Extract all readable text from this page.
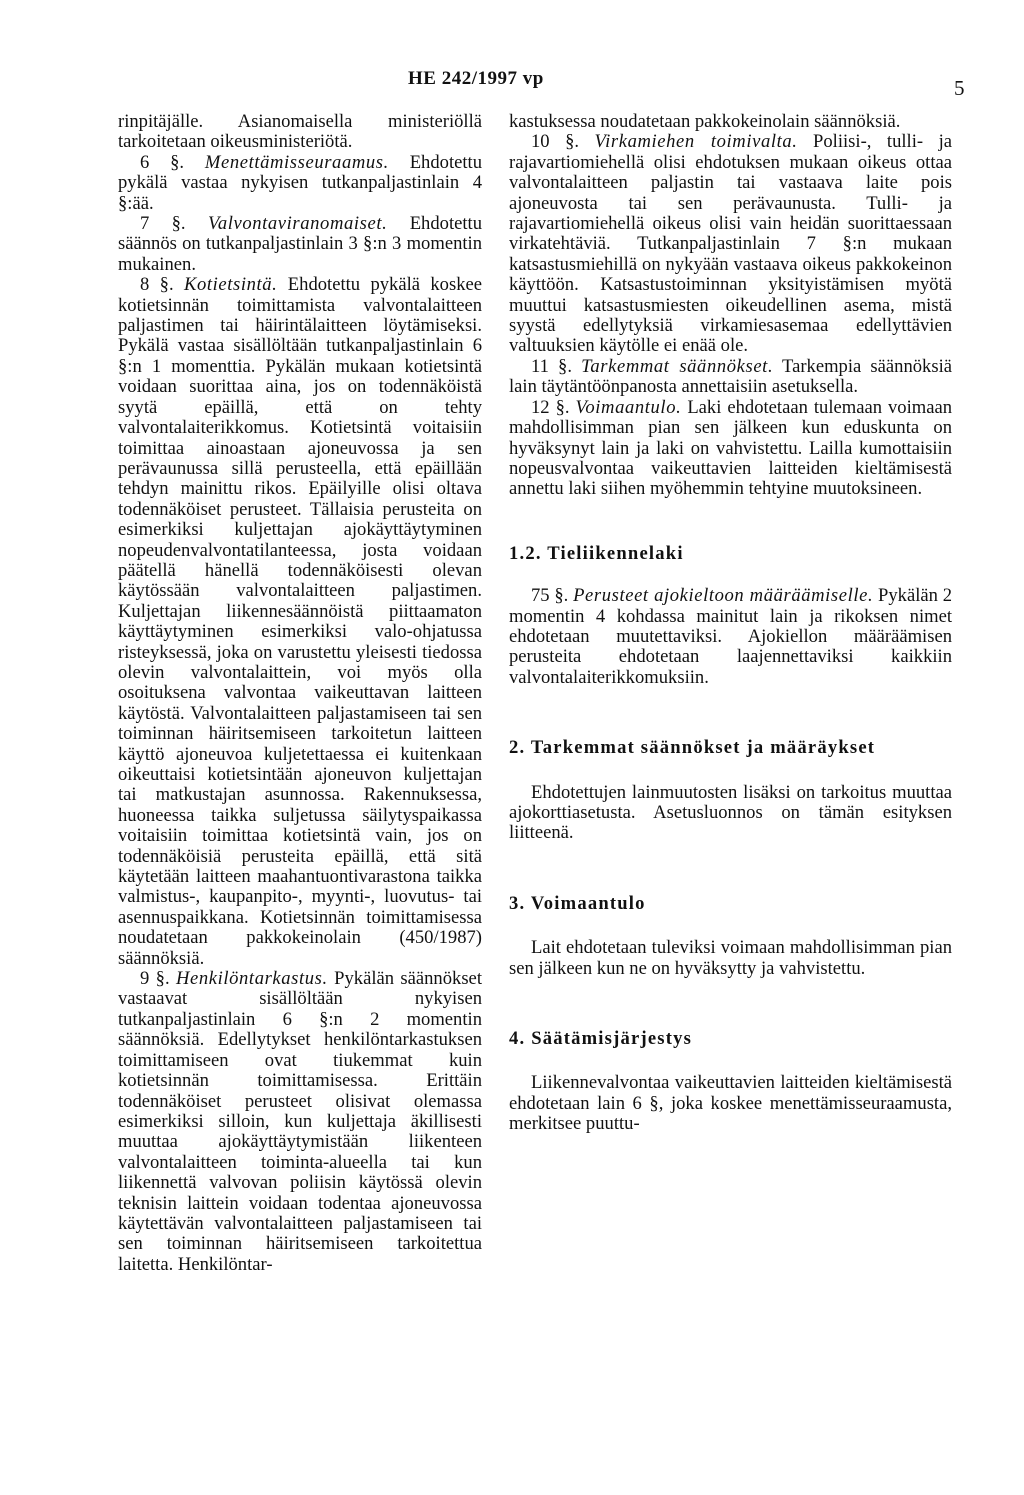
HE 242/1997 vp	5

rinpitäjälle. Asianomaisella ministeriöllä tarkoitetaan oikeusministeriötä.

6 §. Menettämisseuraamus. Ehdotettu pykälä vastaa nykyisen tutkanpaljastinlain 4 §:ää.

7 §. Valvontaviranomaiset. Ehdotettu säännös on tutkanpaljastinlain 3 §:n 3 momentin mukainen.

8 §. Kotietsintä. Ehdotettu pykälä koskee kotietsinnän toimittamista valvontalaitteen paljastimen tai häirintälaitteen löytämiseksi. Pykälä vastaa sisällöltään tutkanpaljastinlain 6 §:n 1 momenttia. Pykälän mukaan kotietsintä voidaan suorittaa aina, jos on todennäköistä syytä epäillä, että on tehty valvontalaiterikkomus. Kotietsintä voitaisiin toimittaa ainoastaan ajoneuvossa ja sen perävaunussa sillä perusteella, että epäillään tehdyn mainittu rikos. Epäilyille olisi oltava todennäköiset perusteet. Tällaisia perusteita on esimerkiksi kuljettajan ajokäyttäytyminen nopeudenvalvontatilanteessa, josta voidaan päätellä hänellä todennäköisesti olevan käytössään valvontalaitteen paljastimen. Kuljettajan liikennesäännöistä piittaamaton käyttäytyminen esimerkiksi valo-ohjatussa risteyksessä, joka on varustettu yleisesti tiedossa olevin valvontalaittein, voi myös olla osoituksena valvontaa vaikeuttavan laitteen käytöstä. Valvontalaitteen paljastamiseen tai sen toiminnan häiritsemiseen tarkoitetun laitteen käyttö ajoneuvoa kuljetettaessa ei kuitenkaan oikeuttaisi kotietsintään ajoneuvon kuljettajan tai matkustajan asunnossa. Rakennuksessa, huoneessa taikka suljetussa säilytyspaikassa voitaisiin toimittaa kotietsintä vain, jos on todennäköisiä perusteita epäillä, että sitä käytetään laitteen maahantuontivarastona taikka valmistus-, kaupanpito-, myynti-, luovutus- tai asennuspaikkana. Kotietsinnän toimittamisessa noudatetaan pakkokeinolain (450/1987) säännöksiä.

9 §. Henkilöntarkastus. Pykälän säännökset vastaavat sisällöltään nykyisen tutkanpaljastinlain 6 §:n 2 momentin säännöksiä. Edellytykset henkilöntarkastuksen toimittamiseen ovat tiukemmat kuin kotietsinnän toimittamisessa. Erittäin todennäköiset perusteet olisivat olemassa esimerkiksi silloin, kun kuljettaja äkillisesti muuttaa ajokäyttäytymistään liikenteen valvontalaitteen toiminta-alueella tai kun liikennettä valvovan poliisin käytössä olevin teknisin laittein voidaan todentaa ajoneuvossa käytettävän valvontalaitteen paljastamiseen tai sen toiminnan häiritsemiseen tarkoitettua laitetta. Henkilöntar-

kastuksessa noudatetaan pakkokeinolain säännöksiä.

10 §. Virkamiehen toimivalta. Poliisi-, tulli- ja rajavartiomiehellä olisi ehdotuksen mukaan oikeus ottaa valvontalaitteen paljastin tai vastaava laite pois ajoneuvosta tai sen perävaunusta. Tulli- ja rajavartiomiehellä oikeus olisi vain heidän suorittaessaan virkatehtäviä. Tutkanpaljastinlain 7 §:n mukaan katsastusmiehillä on nykyään vastaava oikeus pakkokeinon käyttöön. Katsastustoiminnan yksityistämisen myötä muuttui katsastusmiesten oikeudellinen asema, mistä syystä edellytyksiä virkamiesasemaa edellyttävien valtuuksien käytölle ei enää ole.

11 §. Tarkemmat säännökset. Tarkempia säännöksiä lain täytäntöönpanosta annettaisiin asetuksella.

12 §. Voimaantulo. Laki ehdotetaan tulemaan voimaan mahdollisimman pian sen jälkeen kun eduskunta on hyväksynyt lain ja laki on vahvistettu. Lailla kumottaisiin nopeusvalvontaa vaikeuttavien laitteiden kieltämisestä annettu laki siihen myöhemmin tehtyine muutoksineen.

1.2. Tieliikennelaki

75 §. Perusteet ajokieltoon määräämiselle. Pykälän 2 momentin 4 kohdassa mainitut lain ja rikoksen nimet ehdotetaan muutettaviksi. Ajokiellon määräämisen perusteita ehdotetaan laajennettaviksi kaikkiin valvontalaiterikkomuksiin.

2. Tarkemmat säännökset ja määräykset

Ehdotettujen lainmuutosten lisäksi on tarkoitus muuttaa ajokorttiasetusta. Asetusluonnos on tämän esityksen liitteenä.

3. Voimaantulo

Lait ehdotetaan tuleviksi voimaan mahdollisimman pian sen jälkeen kun ne on hyväksytty ja vahvistettu.

4. Säätämisjärjestys

Liikennevalvontaa vaikeuttavien laitteiden kieltämisestä ehdotetaan lain 6 §, joka koskee menettämisseuraamusta, merkitsee puuttu-
